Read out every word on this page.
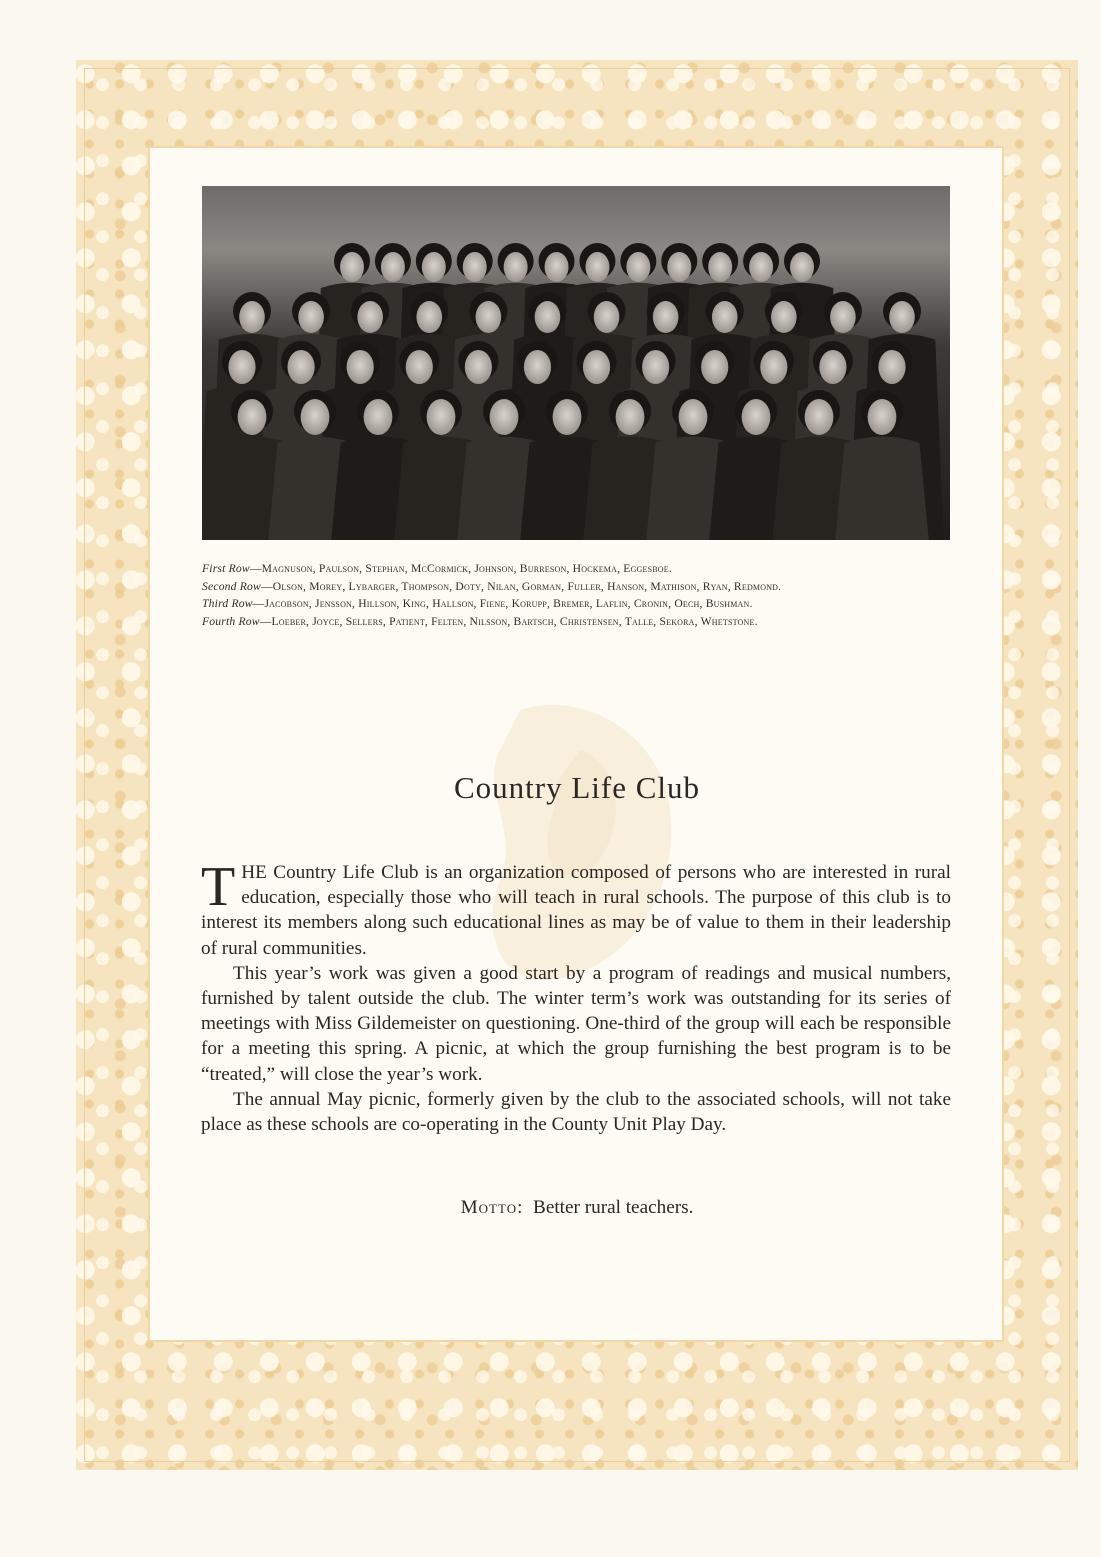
First Row—Magnuson, Paulson, Stephan, McCormick, Johnson, Burreson, Hockema, Eggesboe.

Second Row—Olson, Morey, Lybarger, Thompson, Doty, Nilan, Gorman, Fuller, Hanson, Mathison, Ryan, Redmond.

Third Row—Jacobson, Jensson, Hillson, King, Hallson, Fiene, Korupp, Bremer, Laflin, Cronin, Oech, Bushman.

Fourth Row—Loeber, Joyce, Sellers, Patient, Felten, Nilsson, Bartsch, Christensen, Talle, Sekora, Whetstone.

Country Life Club

THE Country Life Club is an organization composed of persons who are interested in rural education, especially those who will teach in rural schools. The purpose of this club is to interest its members along such educational lines as may be of value to them in their leadership of rural communities.

This year’s work was given a good start by a program of readings and musical numbers, furnished by talent outside the club. The winter term’s work was outstanding for its series of meetings with Miss Gildemeister on questioning. One-third of the group will each be responsible for a meeting this spring. A picnic, at which the group furnishing the best program is to be “treated,” will close the year’s work.

The annual May picnic, formerly given by the club to the associated schools, will not take place as these schools are co-operating in the County Unit Play Day.

Motto: Better rural teachers.
